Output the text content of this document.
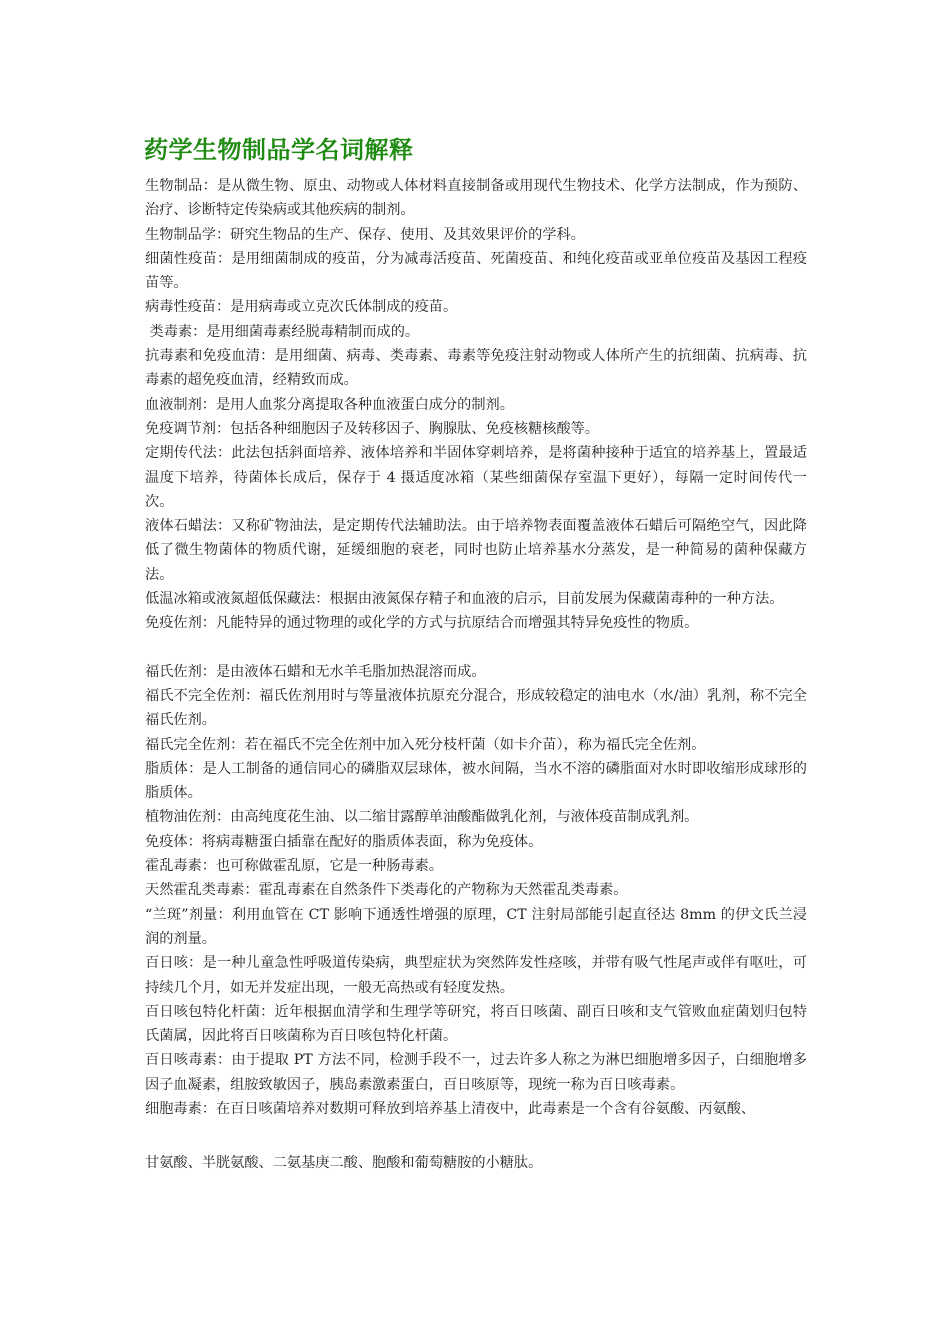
药学生物制品学名词解释

生物制品：是从微生物、原虫、动物或人体材料直接制备或用现代生物技术、化学方法制成，作为预防、治疗、诊断特定传染病或其他疾病的制剂。

生物制品学：研究生物品的生产、保存、使用、及其效果评价的学科。

细菌性疫苗：是用细菌制成的疫苗，分为减毒活疫苗、死菌疫苗、和纯化疫苗或亚单位疫苗及基因工程疫苗等。

病毒性疫苗：是用病毒或立克次氏体制成的疫苗。

类毒素：是用细菌毒素经脱毒精制而成的。

抗毒素和免疫血清：是用细菌、病毒、类毒素、毒素等免疫注射动物或人体所产生的抗细菌、抗病毒、抗毒素的超免疫血清，经精致而成。

血液制剂：是用人血浆分离提取各种血液蛋白成分的制剂。

免疫调节剂：包括各种细胞因子及转移因子、胸腺肽、免疫核糖核酸等。

定期传代法：此法包括斜面培养、液体培养和半固体穿刺培养，是将菌种接种于适宜的培养基上，置最适温度下培养，待菌体长成后，保存于 4 摄适度冰箱（某些细菌保存室温下更好），每隔一定时间传代一次。

液体石蜡法：又称矿物油法，是定期传代法辅助法。由于培养物表面覆盖液体石蜡后可隔绝空气，因此降低了微生物菌体的物质代谢，延缓细胞的衰老，同时也防止培养基水分蒸发，是一种简易的菌种保藏方法。

低温冰箱或液氮超低保藏法：根据由液氮保存精子和血液的启示，目前发展为保藏菌毒种的一种方法。

免疫佐剂：凡能特异的通过物理的或化学的方式与抗原结合而增强其特异免疫性的物质。

福氏佐剂：是由液体石蜡和无水羊毛脂加热混溶而成。

福氏不完全佐剂：福氏佐剂用时与等量液体抗原充分混合，形成较稳定的油电水（水/油）乳剂，称不完全福氏佐剂。

福氏完全佐剂：若在福氏不完全佐剂中加入死分枝杆菌（如卡介苗），称为福氏完全佐剂。

脂质体：是人工制备的通信同心的磷脂双层球体，被水间隔，当水不溶的磷脂面对水时即收缩形成球形的脂质体。

植物油佐剂：由高纯度花生油、以二缩甘露醇单油酸酯做乳化剂，与液体疫苗制成乳剂。

免疫体：将病毒糖蛋白插靠在配好的脂质体表面，称为免疫体。

霍乱毒素：也可称做霍乱原，它是一种肠毒素。

天然霍乱类毒素：霍乱毒素在自然条件下类毒化的产物称为天然霍乱类毒素。

“兰斑”剂量：利用血管在 CT 影响下通透性增强的原理，CT 注射局部能引起直径达 8mm 的伊文氏兰浸润的剂量。

百日咳：是一种儿童急性呼吸道传染病，典型症状为突然阵发性痉咳，并带有吸气性尾声或伴有呕吐，可持续几个月，如无并发症出现，一般无高热或有轻度发热。

百日咳包特化杆菌：近年根据血清学和生理学等研究，将百日咳菌、副百日咳和支气管败血症菌划归包特氏菌属，因此将百日咳菌称为百日咳包特化杆菌。

百日咳毒素：由于提取 PT 方法不同，检测手段不一，过去许多人称之为淋巴细胞增多因子，白细胞增多因子血凝素，组胺致敏因子，胰岛素激素蛋白，百日咳原等，现统一称为百日咳毒素。

细胞毒素：在百日咳菌培养对数期可释放到培养基上清夜中，此毒素是一个含有谷氨酸、丙氨酸、

甘氨酸、半胱氨酸、二氨基庚二酸、胞酸和葡萄糖胺的小糖肽。
